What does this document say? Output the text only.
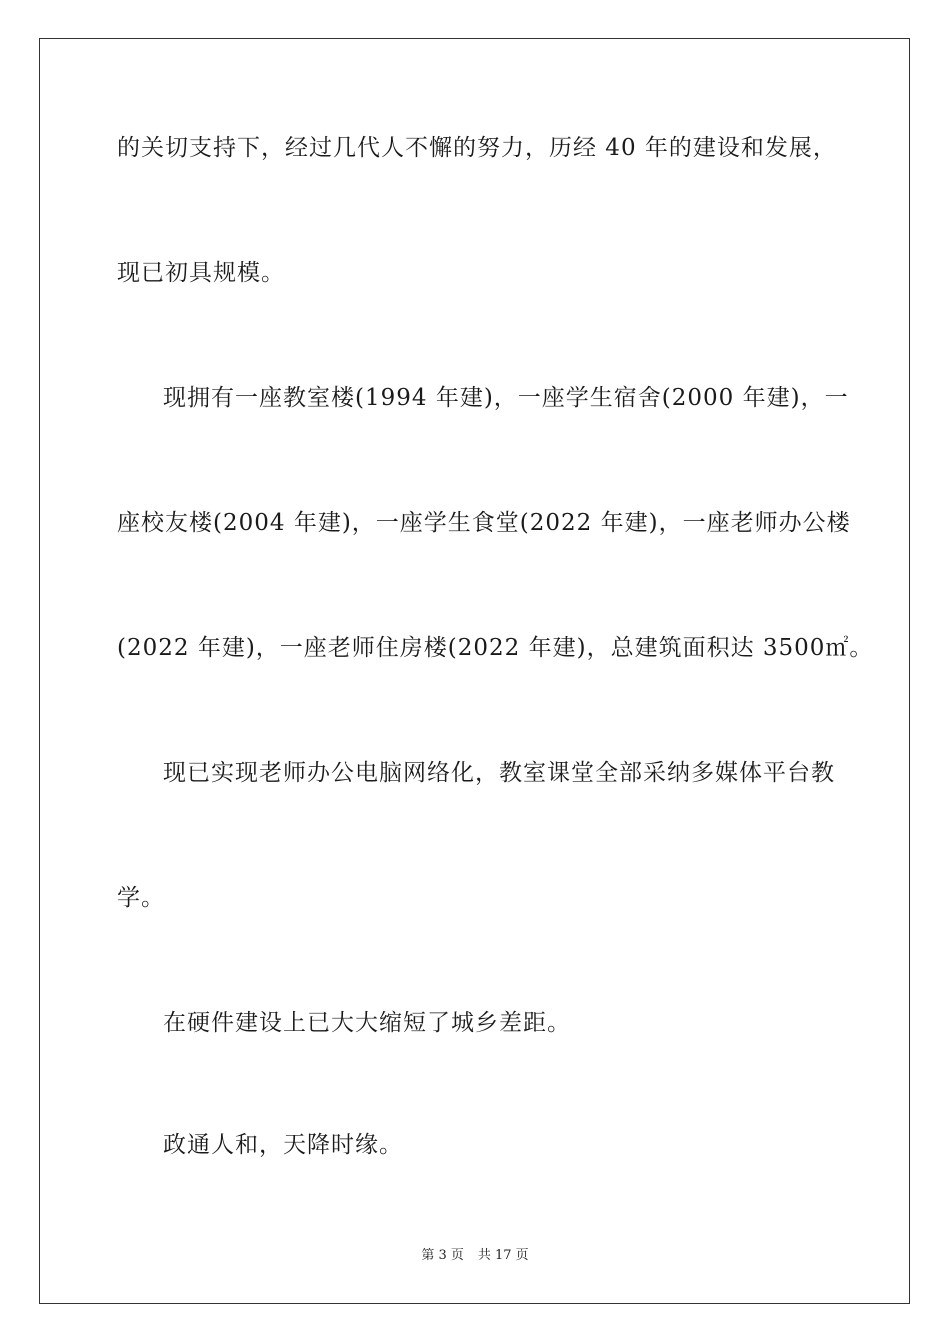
的关切支持下，经过几代人不懈的努力，历经 40 年的建设和发展，
现已初具规模。
现拥有一座教室楼(1994 年建)，一座学生宿舍(2000 年建)，一
座校友楼(2004 年建)，一座学生食堂(2022 年建)，一座老师办公楼
(2022 年建)，一座老师住房楼(2022 年建)，总建筑面积达 3500㎡。
现已实现老师办公电脑网络化，教室课堂全部采纳多媒体平台教
学。
在硬件建设上已大大缩短了城乡差距。
政通人和，天降时缘。
第 3 页 共 17 页
